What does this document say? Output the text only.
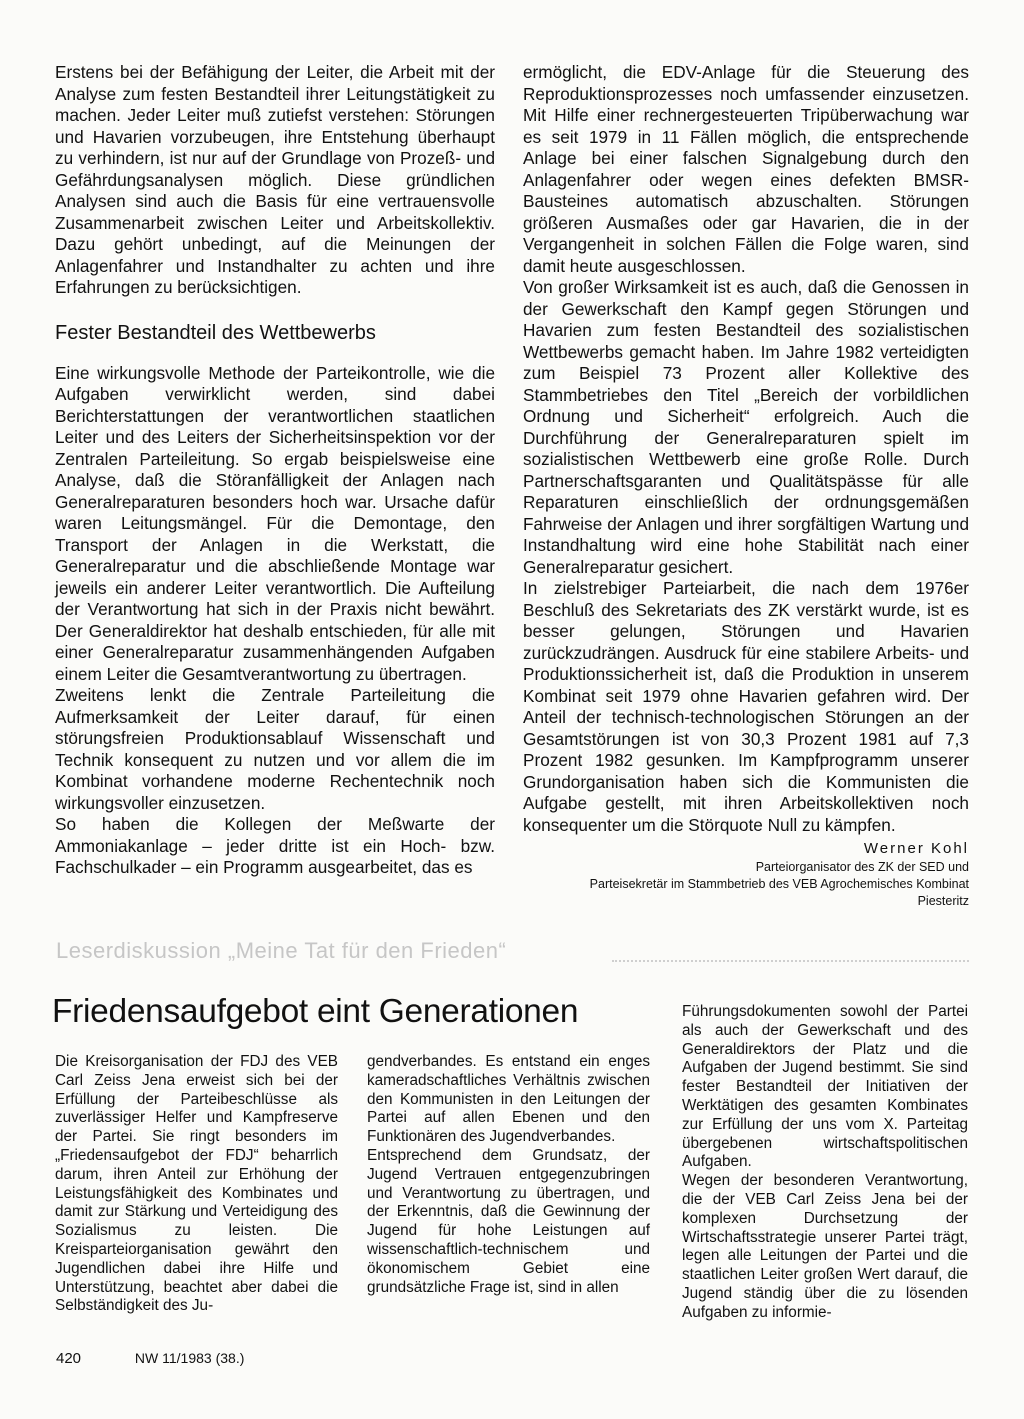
Erstens bei der Befähigung der Leiter, die Arbeit mit der Analyse zum festen Bestandteil ihrer Leitungstätigkeit zu machen. Jeder Leiter muß zutiefst verstehen: Störungen und Havarien vorzubeugen, ihre Entstehung überhaupt zu verhindern, ist nur auf der Grundlage von Prozeß- und Gefährdungsanalysen möglich. Diese gründlichen Analysen sind auch die Basis für eine vertrauensvolle Zusammenarbeit zwischen Leiter und Arbeitskollektiv. Dazu gehört unbedingt, auf die Meinungen der Anlagenfahrer und Instandhalter zu achten und ihre Erfahrungen zu berücksichtigen.

Fester Bestandteil des Wettbewerbs

Eine wirkungsvolle Methode der Parteikontrolle, wie die Aufgaben verwirklicht werden, sind dabei Berichterstattungen der verantwortlichen staatlichen Leiter und des Leiters der Sicherheitsinspektion vor der Zentralen Parteileitung. So ergab beispielsweise eine Analyse, daß die Störanfälligkeit der Anlagen nach Generalreparaturen besonders hoch war. Ursache dafür waren Leitungsmängel. Für die Demontage, den Transport der Anlagen in die Werkstatt, die Generalreparatur und die abschließende Montage war jeweils ein anderer Leiter verantwortlich. Die Aufteilung der Verantwortung hat sich in der Praxis nicht bewährt. Der Generaldirektor hat deshalb entschieden, für alle mit einer Generalreparatur zusammenhängenden Aufgaben einem Leiter die Gesamtverantwortung zu übertragen.

Zweitens lenkt die Zentrale Parteileitung die Aufmerksamkeit der Leiter darauf, für einen störungsfreien Produktionsablauf Wissenschaft und Technik konsequent zu nutzen und vor allem die im Kombinat vorhandene moderne Rechentechnik noch wirkungsvoller einzusetzen.

So haben die Kollegen der Meßwarte der Ammoniakanlage – jeder dritte ist ein Hoch- bzw. Fachschulkader – ein Programm ausgearbeitet, das es

ermöglicht, die EDV-Anlage für die Steuerung des Reproduktionsprozesses noch umfassender einzusetzen. Mit Hilfe einer rechnergesteuerten Tripüberwachung war es seit 1979 in 11 Fällen möglich, die entsprechende Anlage bei einer falschen Signalgebung durch den Anlagenfahrer oder wegen eines defekten BMSR-Bausteines automatisch abzuschalten. Störungen größeren Ausmaßes oder gar Havarien, die in der Vergangenheit in solchen Fällen die Folge waren, sind damit heute ausgeschlossen.

Von großer Wirksamkeit ist es auch, daß die Genossen in der Gewerkschaft den Kampf gegen Störungen und Havarien zum festen Bestandteil des sozialistischen Wettbewerbs gemacht haben. Im Jahre 1982 verteidigten zum Beispiel 73 Prozent aller Kollektive des Stammbetriebes den Titel „Bereich der vorbildlichen Ordnung und Sicherheit“ erfolgreich. Auch die Durchführung der Generalreparaturen spielt im sozialistischen Wettbewerb eine große Rolle. Durch Partnerschaftsgaranten und Qualitätspässe für alle Reparaturen einschließlich der ordnungsgemäßen Fahrweise der Anlagen und ihrer sorgfältigen Wartung und Instandhaltung wird eine hohe Stabilität nach einer Generalreparatur gesichert.

In zielstrebiger Parteiarbeit, die nach dem 1976er Beschluß des Sekretariats des ZK verstärkt wurde, ist es besser gelungen, Störungen und Havarien zurückzudrängen. Ausdruck für eine stabilere Arbeits- und Produktionssicherheit ist, daß die Produktion in unserem Kombinat seit 1979 ohne Havarien gefahren wird. Der Anteil der technisch-technologischen Störungen an der Gesamtstörungen ist von 30,3 Prozent 1981 auf 7,3 Prozent 1982 gesunken. Im Kampfprogramm unserer Grundorganisation haben sich die Kommunisten die Aufgabe gestellt, mit ihren Arbeitskollektiven noch konsequenter um die Störquote Null zu kämpfen.

Werner Kohl
Parteiorganisator des ZK der SED und
Parteisekretär im Stammbetrieb des VEB Agrochemisches Kombinat
Piesteritz
Leserdiskussion „Meine Tat für den Frieden“
Friedensaufgebot eint Generationen

Die Kreisorganisation der FDJ des VEB Carl Zeiss Jena erweist sich bei der Erfüllung der Parteibeschlüsse als zuverlässiger Helfer und Kampfreserve der Partei. Sie ringt besonders im „Friedensaufgebot der FDJ“ beharrlich darum, ihren Anteil zur Erhöhung der Leistungsfähigkeit des Kombinates und damit zur Stärkung und Verteidigung des Sozialismus zu leisten. Die Kreisparteiorganisation gewährt den Jugendlichen dabei ihre Hilfe und Unterstützung, beachtet aber dabei die Selbständigkeit des Ju-

gendverbandes. Es entstand ein enges kameradschaftliches Verhältnis zwischen den Kommunisten in den Leitungen der Partei auf allen Ebenen und den Funktionären des Jugendverbandes.

Entsprechend dem Grundsatz, der Jugend Vertrauen entgegenzubringen und Verantwortung zu übertragen, und der Erkenntnis, daß die Gewinnung der Jugend für hohe Leistungen auf wissenschaftlich-technischem und ökonomischem Gebiet eine grundsätzliche Frage ist, sind in allen

Führungsdokumenten sowohl der Partei als auch der Gewerkschaft und des Generaldirektors der Platz und die Aufgaben der Jugend bestimmt. Sie sind fester Bestandteil der Initiativen der Werktätigen des gesamten Kombinates zur Erfüllung der uns vom X. Parteitag übergebenen wirtschaftspolitischen Aufgaben.

Wegen der besonderen Verantwortung, die der VEB Carl Zeiss Jena bei der komplexen Durchsetzung der Wirtschaftsstrategie unserer Partei trägt, legen alle Leitungen der Partei und die staatlichen Leiter großen Wert darauf, die Jugend ständig über die zu lösenden Aufgaben zu informie-

420	NW 11/1983 (38.)
